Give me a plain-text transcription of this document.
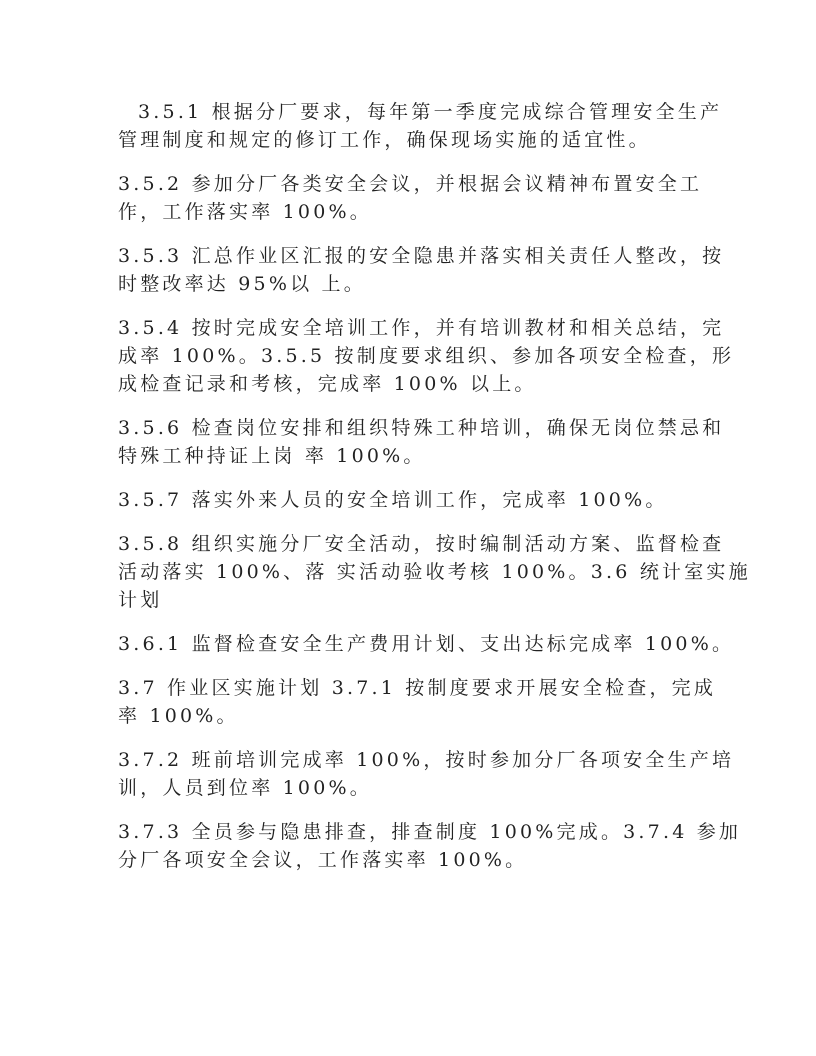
3.5.1 根据分厂要求，每年第一季度完成综合管理安全生产
管理制度和规定的修订工作，确保现场实施的适宜性。
3.5.2 参加分厂各类安全会议，并根据会议精神布置安全工
作，工作落实率 100%。
3.5.3 汇总作业区汇报的安全隐患并落实相关责任人整改，按
时整改率达 95%以 上。
3.5.4 按时完成安全培训工作，并有培训教材和相关总结，完
成率 100%。3.5.5 按制度要求组织、参加各项安全检查，形
成检查记录和考核，完成率 100% 以上。
3.5.6 检查岗位安排和组织特殊工种培训，确保无岗位禁忌和
特殊工种持证上岗 率 100%。
3.5.7 落实外来人员的安全培训工作，完成率 100%。
3.5.8 组织实施分厂安全活动，按时编制活动方案、监督检查
活动落实 100%、落 实活动验收考核 100%。3.6 统计室实施
计划
3.6.1 监督检查安全生产费用计划、支出达标完成率 100%。
3.7 作业区实施计划 3.7.1 按制度要求开展安全检查，完成
率 100%。
3.7.2 班前培训完成率 100%，按时参加分厂各项安全生产培
训，人员到位率 100%。
3.7.3 全员参与隐患排查，排查制度 100%完成。3.7.4 参加
分厂各项安全会议，工作落实率 100%。
